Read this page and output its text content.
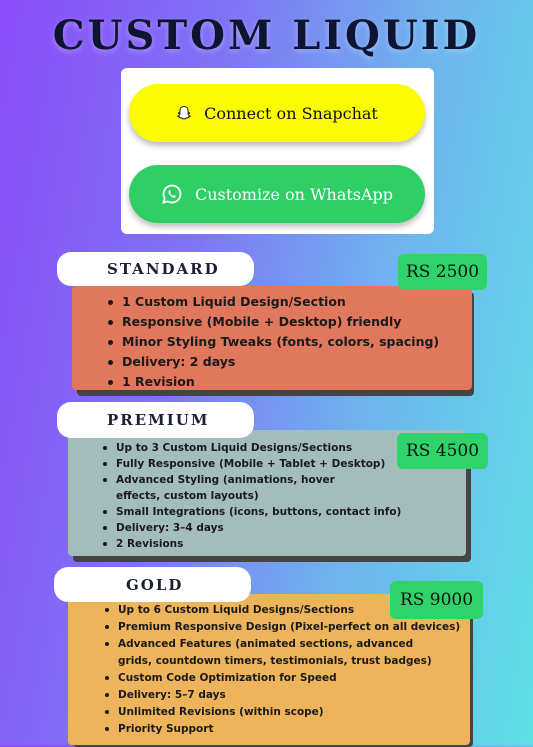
CUSTOM LIQUID
Connect on Snapchat
Customize on WhatsApp
1 Custom Liquid Design/Section
Responsive (Mobile + Desktop) friendly
Minor Styling Tweaks (fonts, colors, spacing)
Delivery: 2 days
1 Revision
STANDARD	RS 2500
Up to 3 Custom Liquid Designs/Sections
Fully Responsive (Mobile + Tablet + Desktop)
Advanced Styling (animations, hover effects, custom layouts)
Small Integrations (icons, buttons, contact info)
Delivery: 3–4 days
2 Revisions
PREMIUM
RS 4500
Up to 6 Custom Liquid Designs/Sections
Premium Responsive Design (Pixel-perfect on all devices)
Advanced Features (animated sections, advanced grids, countdown timers, testimonials, trust badges)
Custom Code Optimization for Speed
Delivery: 5–7 days
Unlimited Revisions (within scope)
Priority Support
GOLD
RS 9000
